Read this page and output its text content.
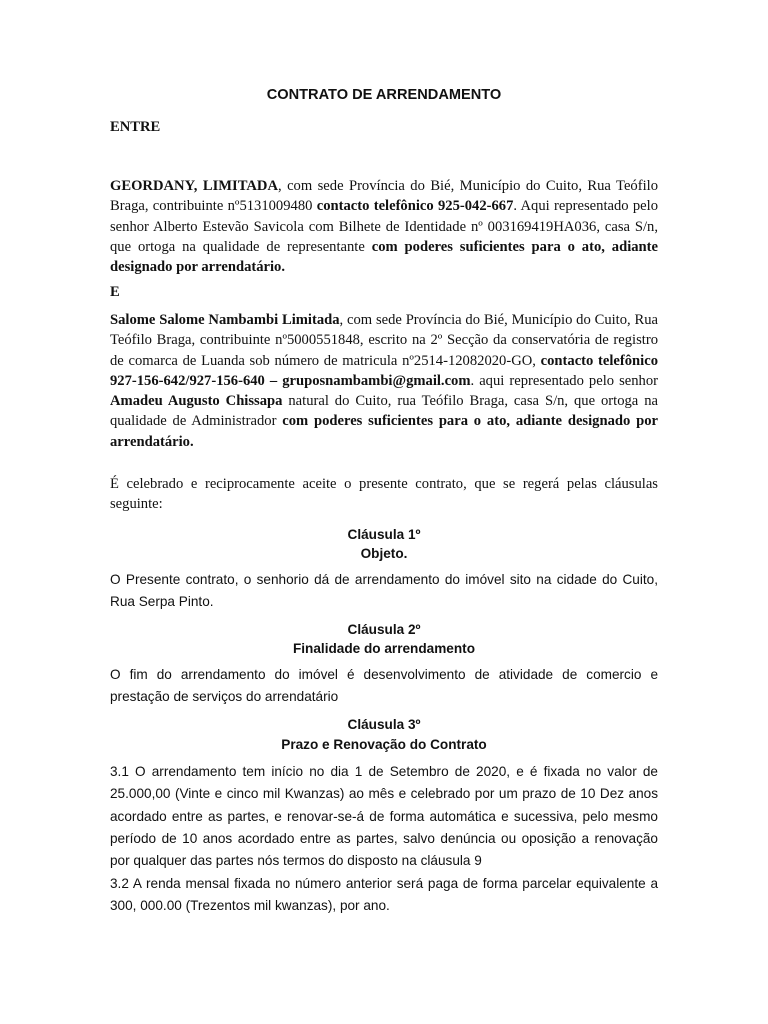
CONTRATO DE ARRENDAMENTO

ENTRE

GEORDANY, LIMITADA, com sede Província do Bié, Município do Cuito, Rua Teófilo Braga, contribuinte nº5131009480 contacto telefônico 925-042-667. Aqui representado pelo senhor Alberto Estevão Savicola com Bilhete de Identidade nº 003169419HA036, casa S/n, que ortoga na qualidade de representante com poderes suficientes para o ato, adiante designado por arrendatário.

E

Salome Salome Nambambi Limitada, com sede Província do Bié, Município do Cuito, Rua Teófilo Braga, contribuinte nº5000551848, escrito na 2º Secção da conservatória de registro de comarca de Luanda sob número de matricula nº2514-12082020-GO, contacto telefônico 927-156-642/927-156-640 – gruposnambambi@gmail.com. aqui representado pelo senhor Amadeu Augusto Chissapa natural do Cuito, rua Teófilo Braga, casa S/n, que ortoga na qualidade de Administrador com poderes suficientes para o ato, adiante designado por arrendatário.

É celebrado e reciprocamente aceite o presente contrato, que se regerá pelas cláusulas seguinte:

Cláusula 1º

Objeto.

O Presente contrato, o senhorio dá de arrendamento do imóvel sito na cidade do Cuito, Rua Serpa Pinto.

Cláusula 2º

Finalidade do arrendamento

O fim do arrendamento do imóvel é desenvolvimento de atividade de comercio e prestação de serviços do arrendatário

Cláusula 3º

Prazo e Renovação do Contrato

3.1 O arrendamento tem início no dia 1 de Setembro de 2020, e é fixada no valor de 25.000,00 (Vinte e cinco mil Kwanzas) ao mês e celebrado por um prazo de 10 Dez anos acordado entre as partes, e renovar-se-á de forma automática e sucessiva, pelo mesmo período de 10 anos acordado entre as partes, salvo denúncia ou oposição a renovação por qualquer das partes nós termos do disposto na cláusula 9

3.2 A renda mensal fixada no número anterior será paga de forma parcelar equivalente a 300, 000.00 (Trezentos mil kwanzas), por ano.
